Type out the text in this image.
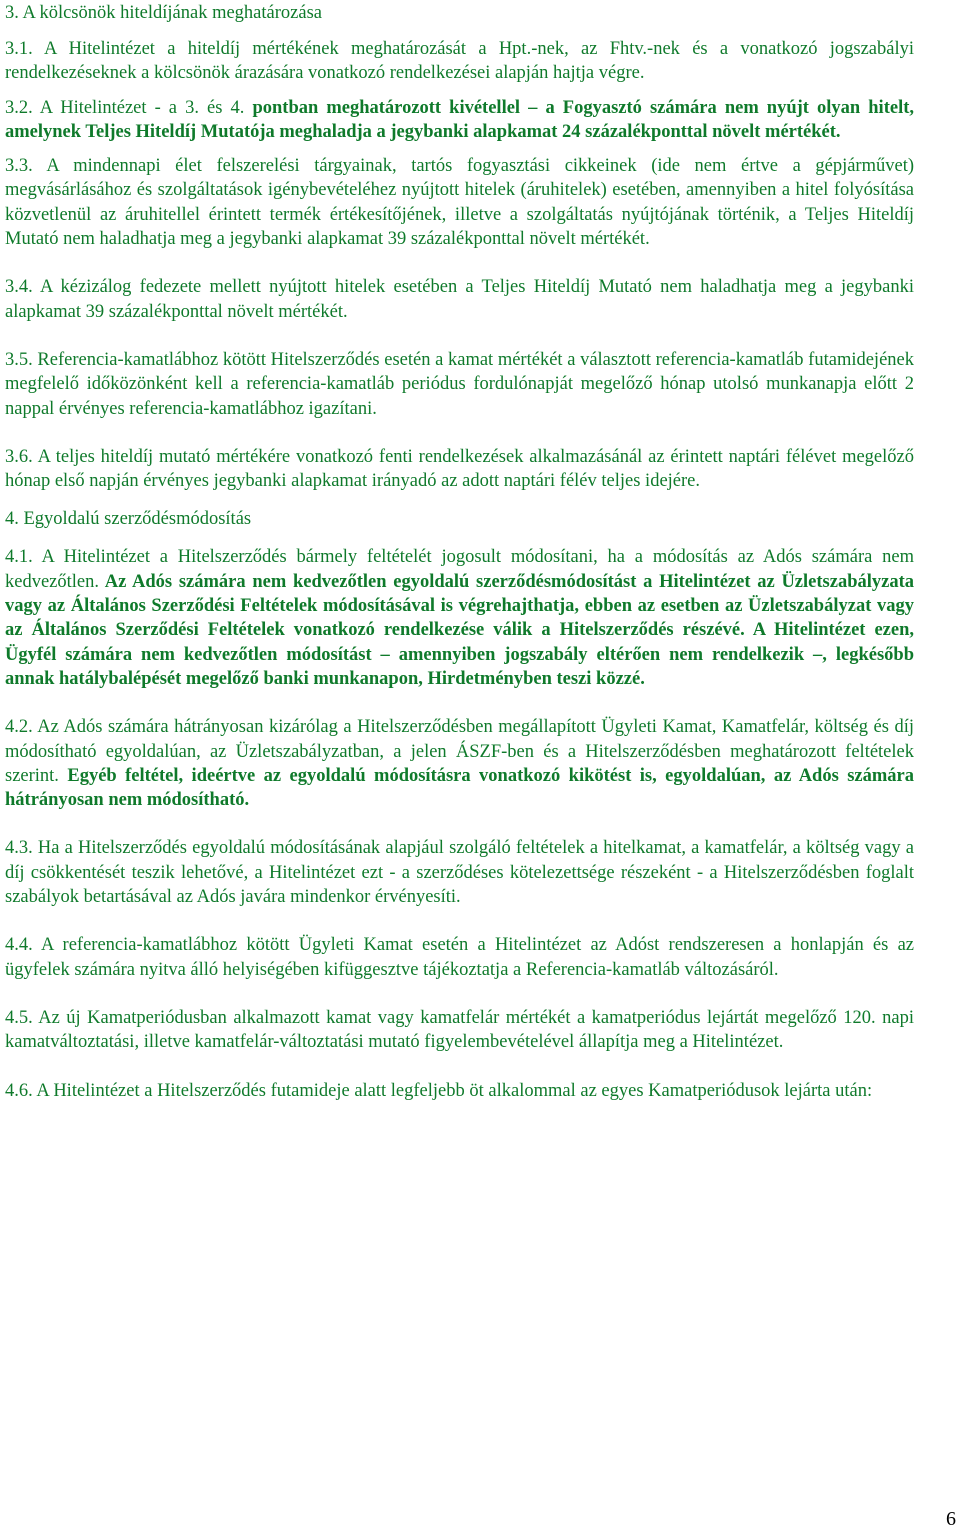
3. A kölcsönök hiteldíjának meghatározása

3.1. A Hitelintézet a hiteldíj mértékének meghatározását a Hpt.-nek, az Fhtv.-nek és a vonatkozó jogszabályi rendelkezéseknek a kölcsönök árazására vonatkozó rendelkezései alapján hajtja végre.

3.2. A Hitelintézet - a 3. és 4. pontban meghatározott kivétellel – a Fogyasztó számára nem nyújt olyan hitelt, amelynek Teljes Hiteldíj Mutatója meghaladja a jegybanki alapkamat 24 százalékponttal növelt mértékét.

3.3. A mindennapi élet felszerelési tárgyainak, tartós fogyasztási cikkeinek (ide nem értve a gépjárművet) megvásárlásához és szolgáltatások igénybevételéhez nyújtott hitelek (áruhitelek) esetében, amennyiben a hitel folyósítása közvetlenül az áruhitellel érintett termék értékesítőjének, illetve a szolgáltatás nyújtójának történik, a Teljes Hiteldíj Mutató nem haladhatja meg a jegybanki alapkamat 39 százalékponttal növelt mértékét.

3.4. A kézizálog fedezete mellett nyújtott hitelek esetében a Teljes Hiteldíj Mutató nem haladhatja meg a jegybanki alapkamat 39 százalékponttal növelt mértékét.

3.5. Referencia-kamatlábhoz kötött Hitelszerződés esetén a kamat mértékét a választott referencia-kamatláb futamidejének megfelelő időközönként kell a referencia-kamatláb periódus fordulónapját megelőző hónap utolsó munkanapja előtt 2 nappal érvényes referencia-kamatlábhoz igazítani.

3.6. A teljes hiteldíj mutató mértékére vonatkozó fenti rendelkezések alkalmazásánál az érintett naptári félévet megelőző hónap első napján érvényes jegybanki alapkamat irányadó az adott naptári félév teljes idejére.

4. Egyoldalú szerződésmódosítás

4.1. A Hitelintézet a Hitelszerződés bármely feltételét jogosult módosítani, ha a módosítás az Adós számára nem kedvezőtlen. Az Adós számára nem kedvezőtlen egyoldalú szerződésmódosítást a Hitelintézet az Üzletszabályzata vagy az Általános Szerződési Feltételek módosításával is végrehajthatja, ebben az esetben az Üzletszabályzat vagy az Általános Szerződési Feltételek vonatkozó rendelkezése válik a Hitelszerződés részévé. A Hitelintézet ezen, Ügyfél számára nem kedvezőtlen módosítást – amennyiben jogszabály eltérően nem rendelkezik –, legkésőbb annak hatálybalépését megelőző banki munkanapon, Hirdetményben teszi közzé.

4.2. Az Adós számára hátrányosan kizárólag a Hitelszerződésben megállapított Ügyleti Kamat, Kamatfelár, költség és díj módosítható egyoldalúan, az Üzletszabályzatban, a jelen ÁSZF-ben és a Hitelszerződésben meghatározott feltételek szerint. Egyéb feltétel, ideértve az egyoldalú módosításra vonatkozó kikötést is, egyoldalúan, az Adós számára hátrányosan nem módosítható.

4.3. Ha a Hitelszerződés egyoldalú módosításának alapjául szolgáló feltételek a hitelkamat, a kamatfelár, a költség vagy a díj csökkentését teszik lehetővé, a Hitelintézet ezt - a szerződéses kötelezettsége részeként - a Hitelszerződésben foglalt szabályok betartásával az Adós javára mindenkor érvényesíti.

4.4. A referencia-kamatlábhoz kötött Ügyleti Kamat esetén a Hitelintézet az Adóst rendszeresen a honlapján és az ügyfelek számára nyitva álló helyiségében kifüggesztve tájékoztatja a Referencia-kamatláb változásáról.

4.5. Az új Kamatperiódusban alkalmazott kamat vagy kamatfelár mértékét a kamatperiódus lejártát megelőző 120. napi kamatváltoztatási, illetve kamatfelár-változtatási mutató figyelembevételével állapítja meg a Hitelintézet.

4.6. A Hitelintézet a Hitelszerződés futamideje alatt legfeljebb öt alkalommal az egyes Kamatperiódusok lejárta után:

6
